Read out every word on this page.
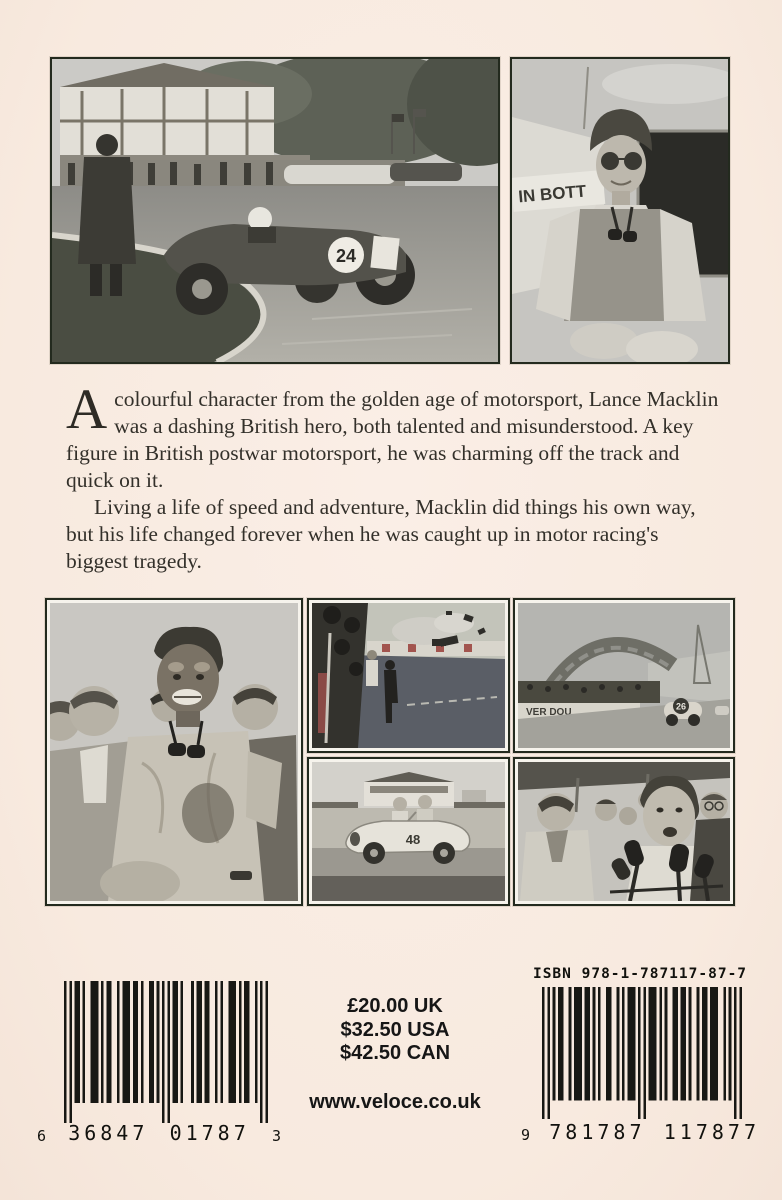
24
IN BOTT

Acolourful character from the golden age of motorsport, Lance Macklin was a dashing British hero, both talented and misunderstood. A key figure in British postwar motorsport, he was charming off the track and quick on it.

Living a life of speed and adventure, Macklin did things his own way, but his life changed forever when he was caught up in motor racing's biggest tragedy.

VER DOU
26
48
6 36847 01787 3
£20.00 UK
$32.50 USA
$42.50 CAN
www.veloce.co.uk
ISBN 978-1-787117-87-7
9 781787 117877
